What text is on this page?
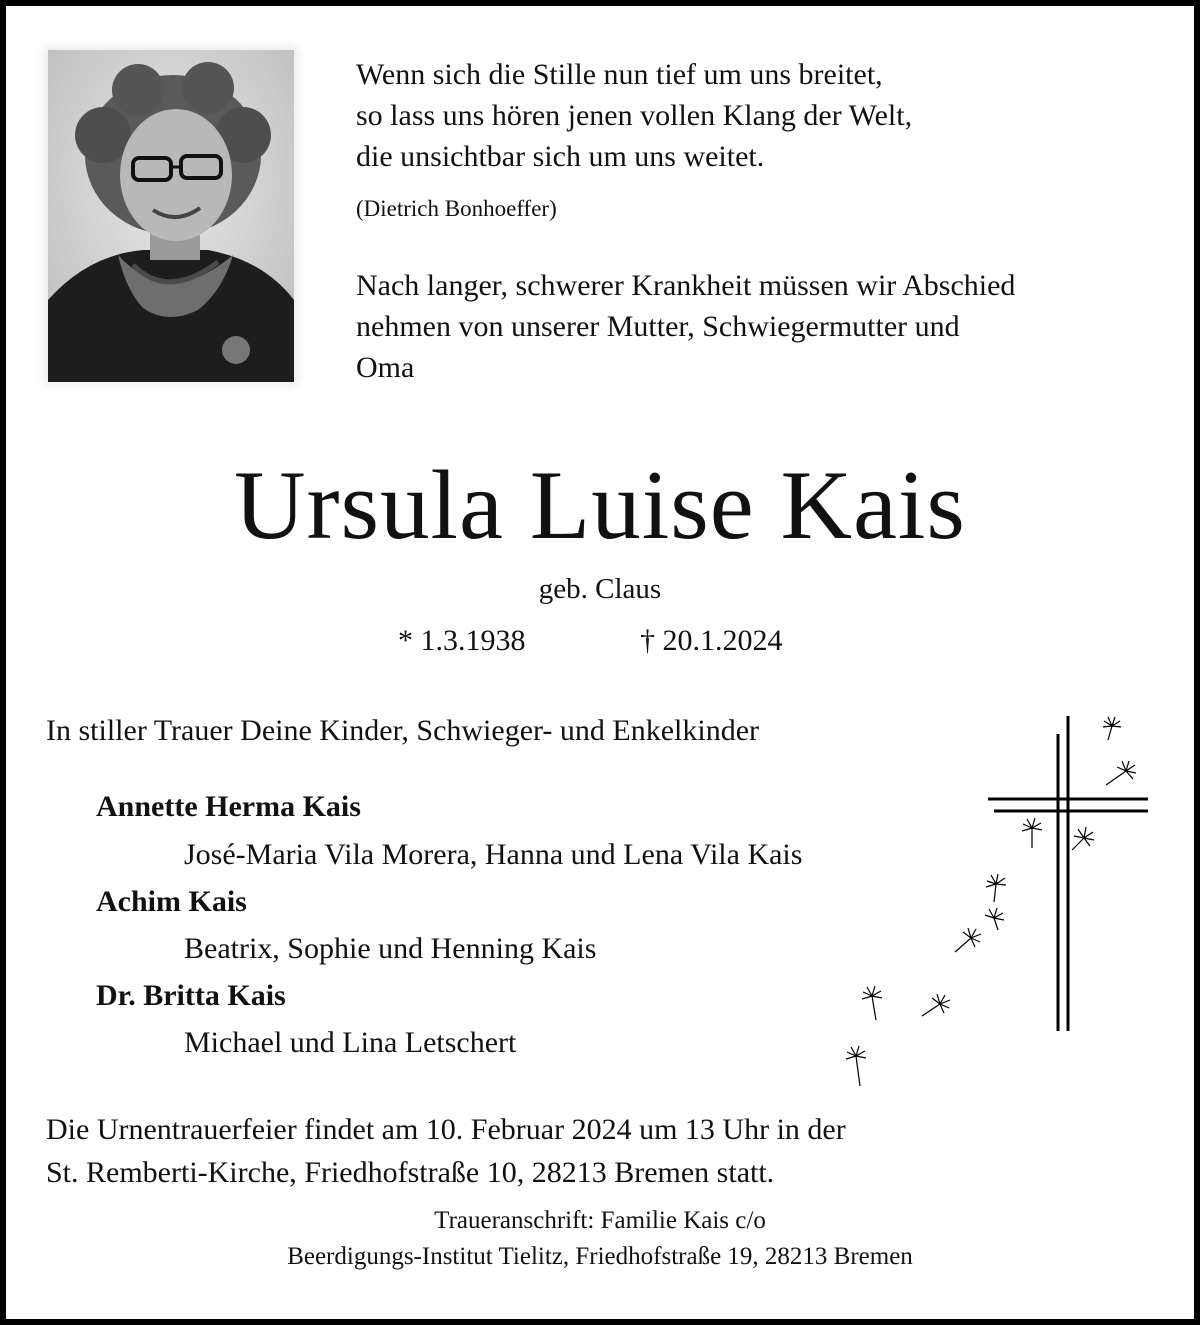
Wenn sich die Stille nun tief um uns breitet,
so lass uns hören jenen vollen Klang der Welt,
die unsichtbar sich um uns weitet.
(Dietrich Bonhoeffer)
Nach langer, schwerer Krankheit müssen wir Abschied
nehmen von unserer Mutter, Schwiegermutter und
Oma
Ursula Luise Kais
geb. Claus
* 1.3.1938	† 20.1.2024
In stiller Trauer Deine Kinder, Schwieger- und Enkelkinder
Annette Herma Kais
José-Maria Vila Morera, Hanna und Lena Vila Kais
Achim Kais
Beatrix, Sophie und Henning Kais
Dr. Britta Kais
Michael und Lina Letschert
Die Urnentrauerfeier findet am 10. Februar 2024 um 13 Uhr in der
St. Remberti-Kirche, Friedhofstraße 10, 28213 Bremen statt.
Traueranschrift: Familie Kais c/o
Beerdigungs-Institut Tielitz, Friedhofstraße 19, 28213 Bremen
